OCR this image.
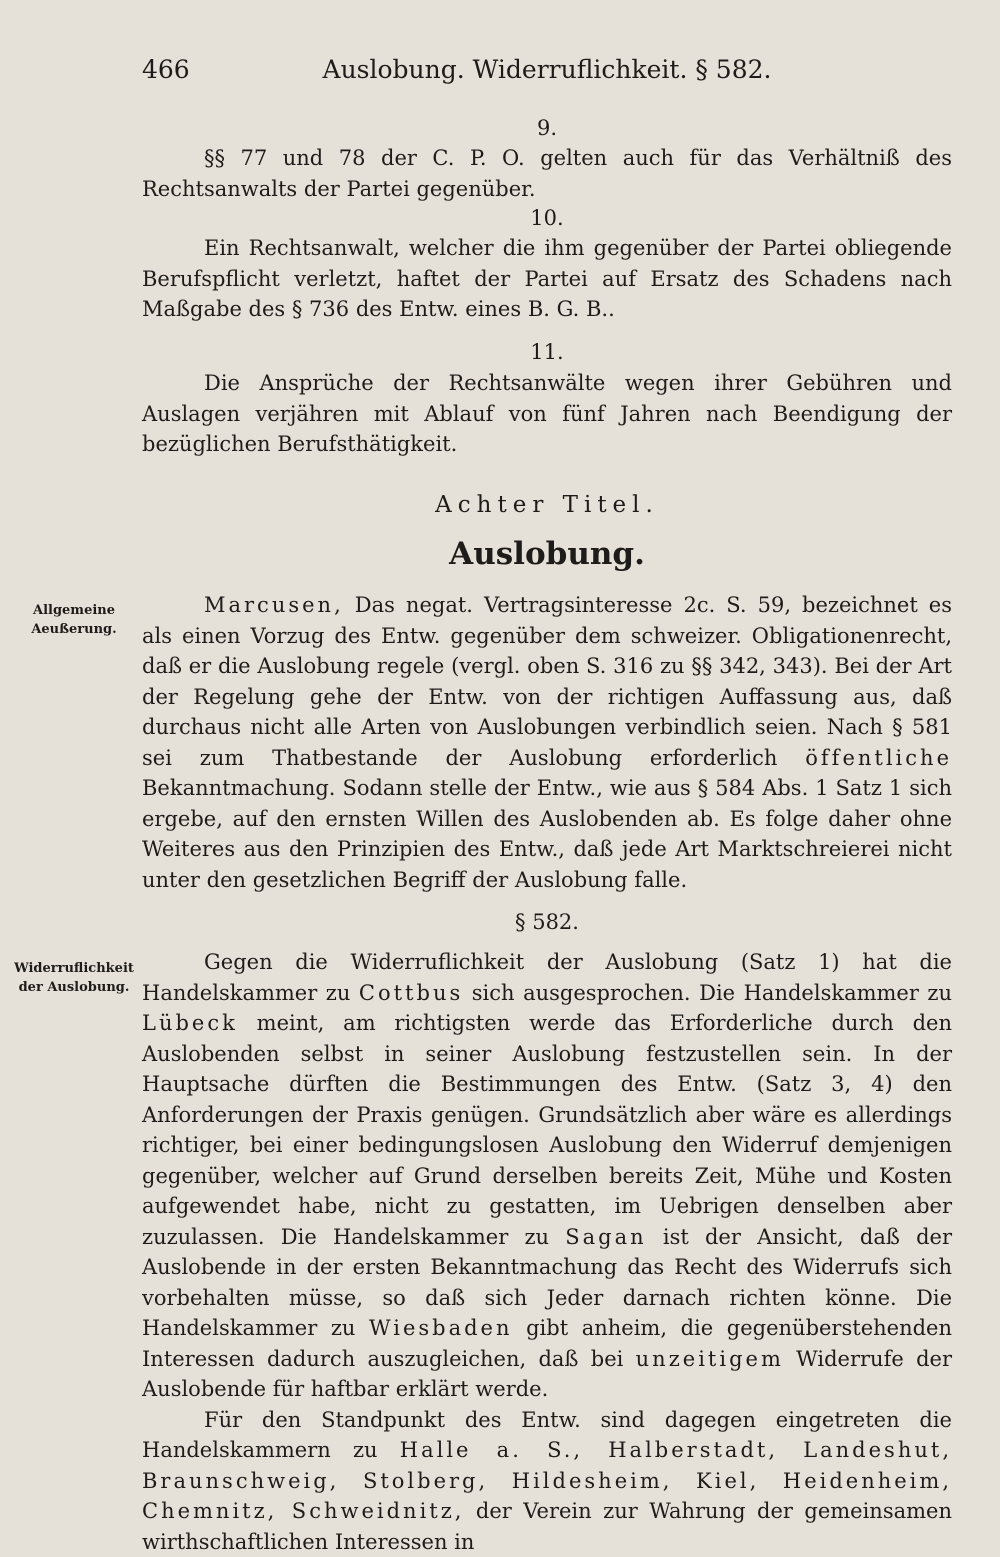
466	Auslobung. Widerruflichkeit. § 582.
9.

§§ 77 und 78 der C. P. O. gelten auch für das Verhältniß des Rechtsanwalts der Partei gegenüber.

10.

Ein Rechtsanwalt, welcher die ihm gegenüber der Partei obliegende Berufspflicht verletzt, haftet der Partei auf Ersatz des Schadens nach Maßgabe des § 736 des Entw. eines B. G. B..

11.

Die Ansprüche der Rechtsanwälte wegen ihrer Gebühren und Auslagen verjähren mit Ablauf von fünf Jahren nach Beendigung der bezüglichen Berufsthätigkeit.

Achter Titel.
Auslobung.
Allgemeine Aeußerung.

Marcusen, Das negat. Vertragsinteresse 2c. S. 59, bezeichnet es als einen Vorzug des Entw. gegenüber dem schweizer. Obligationenrecht, daß er die Auslobung regele (vergl. oben S. 316 zu §§ 342, 343). Bei der Art der Regelung gehe der Entw. von der richtigen Auffassung aus, daß durchaus nicht alle Arten von Auslobungen verbindlich seien. Nach § 581 sei zum Thatbestande der Auslobung erforderlich öffentliche Bekanntmachung. Sodann stelle der Entw., wie aus § 584 Abs. 1 Satz 1 sich ergebe, auf den ernsten Willen des Auslobenden ab. Es folge daher ohne Weiteres aus den Prinzipien des Entw., daß jede Art Marktschreierei nicht unter den gesetzlichen Begriff der Auslobung falle.

§ 582.
Widerruflichkeit der Auslobung.

Gegen die Widerruflichkeit der Auslobung (Satz 1) hat die Handelskammer zu Cottbus sich ausgesprochen. Die Handelskammer zu Lübeck meint, am richtigsten werde das Erforderliche durch den Auslobenden selbst in seiner Auslobung festzustellen sein. In der Hauptsache dürften die Bestimmungen des Entw. (Satz 3, 4) den Anforderungen der Praxis genügen. Grundsätzlich aber wäre es allerdings richtiger, bei einer bedingungslosen Auslobung den Widerruf demjenigen gegenüber, welcher auf Grund derselben bereits Zeit, Mühe und Kosten aufgewendet habe, nicht zu gestatten, im Uebrigen denselben aber zuzulassen. Die Handelskammer zu Sagan ist der Ansicht, daß der Auslobende in der ersten Bekanntmachung das Recht des Widerrufs sich vorbehalten müsse, so daß sich Jeder darnach richten könne. Die Handelskammer zu Wiesbaden gibt anheim, die gegenüberstehenden Interessen dadurch auszugleichen, daß bei unzeitigem Widerrufe der Auslobende für haftbar erklärt werde.

Für den Standpunkt des Entw. sind dagegen eingetreten die Handelskammern zu Halle a. S., Halberstadt, Landeshut, Braunschweig, Stolberg, Hildesheim, Kiel, Heidenheim, Chemnitz, Schweidnitz, der Verein zur Wahrung der gemeinsamen wirthschaftlichen Interessen in
